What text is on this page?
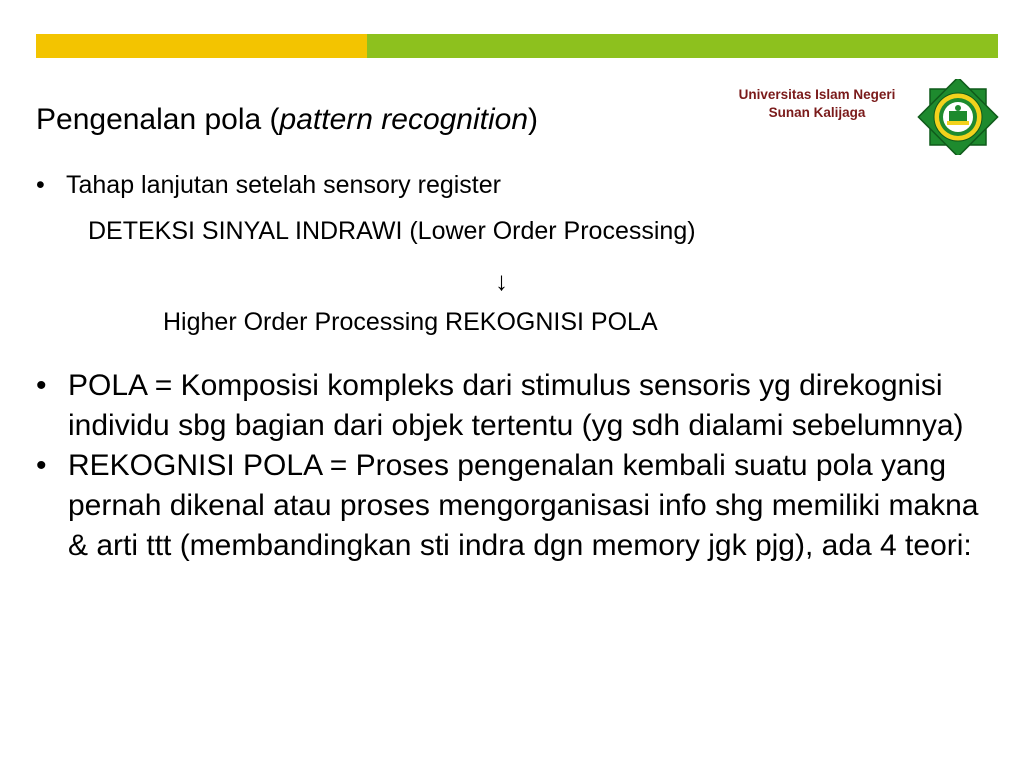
Universitas Islam Negeri
Sunan Kalijaga
Pengenalan pola (pattern recognition)
• Tahap lanjutan setelah sensory register
DETEKSI SINYAL INDRAWI (Lower Order Processing)
↓
Higher Order Processing REKOGNISI POLA
• POLA = Komposisi kompleks dari stimulus sensoris yg direkognisi individu sbg bagian dari objek tertentu (yg sdh dialami sebelumnya)
• REKOGNISI POLA = Proses pengenalan kembali suatu pola yang pernah dikenal atau proses mengorganisasi info shg memiliki makna & arti ttt (membandingkan sti indra dgn memory jgk pjg), ada 4 teori:
